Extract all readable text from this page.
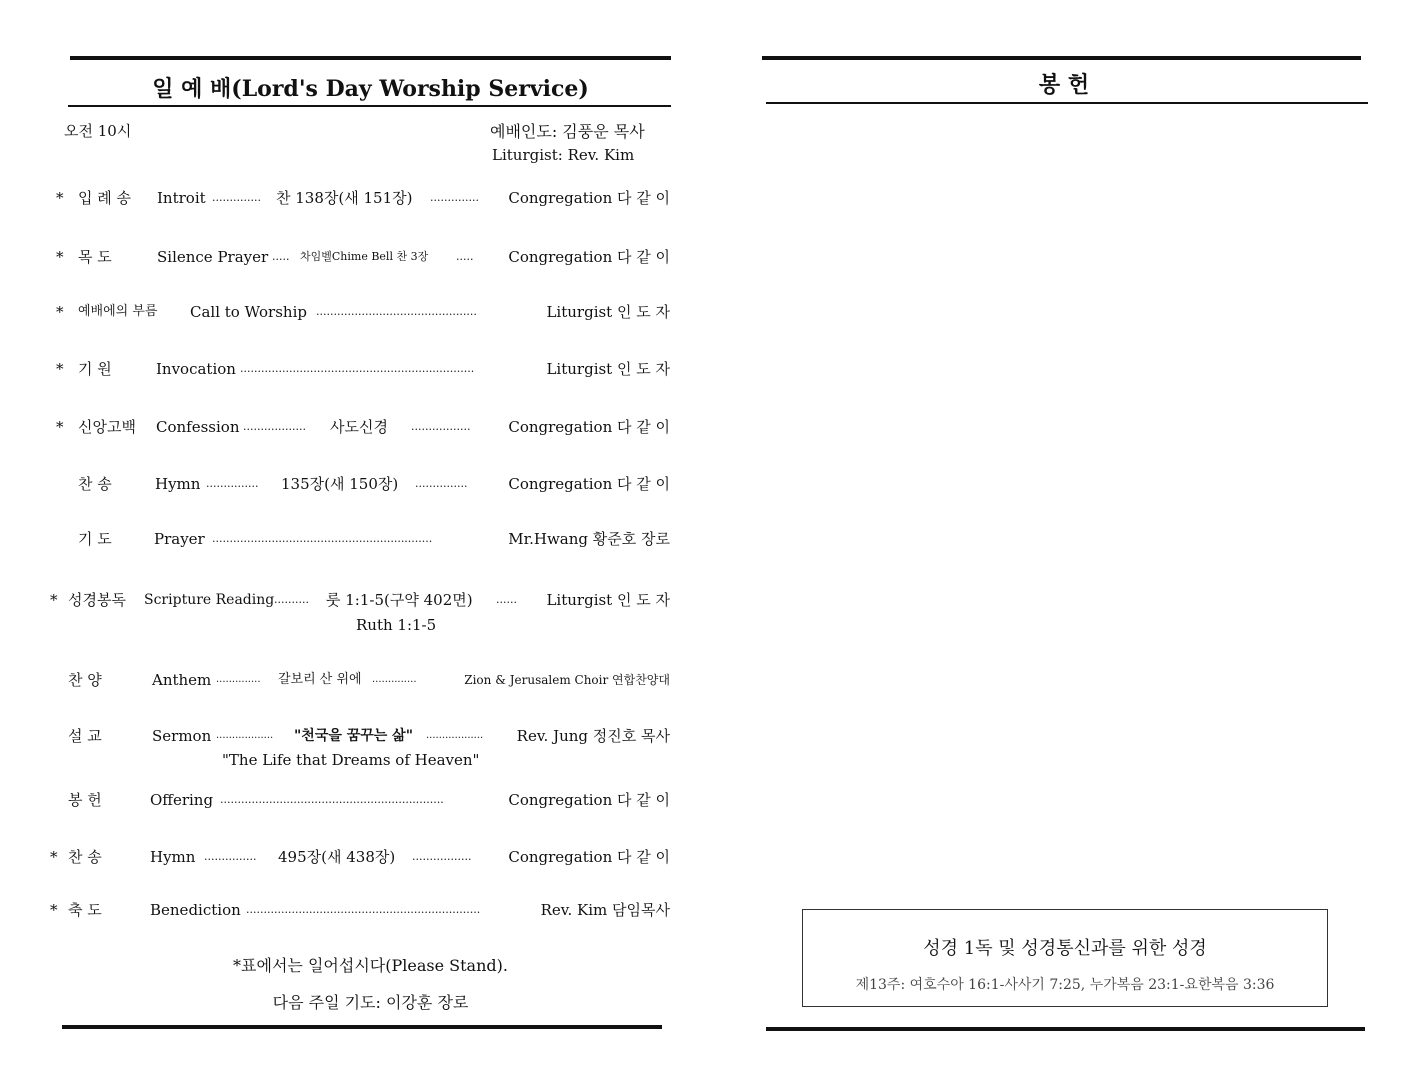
일 예 배(Lord's Day Worship Service)
오전 10시	예배인도: 김풍운 목사
Liturgist: Rev. Kim
* 입 례 송 Introit .............. 찬 138장(새 151장) .............. Congregation 다 같 이
* 목 도	Silence Prayer ..... 차임벨Chime Bell 찬 3장	..... Congregation 다 같 이
* 예배에의 부름 Call to Worship ..............................................	Liturgist 인 도 자
* 기 원	Invocation ...................................................................	Liturgist 인 도 자
* 신앙고백 Confession .................. 사도신경 .................	Congregation 다 같 이
찬 송	Hymn ............... 135장(새 150장) ...............	Congregation 다 같 이
기 도	Prayer ...............................................................	Mr.Hwang 황준호 장로
* 성경봉독 Scripture Reading .......... 룻 1:1-5(구약 402면) ...... Liturgist 인 도 자
Ruth 1:1-5
찬 양	Anthem .............. 갈보리 산 위에 ..............	Zion & Jerusalem Choir 연합찬양대
설 교	Sermon .................. "천국을 꿈꾸는 삶" .................. Rev. Jung 정진호 목사
"The Life that Dreams of Heaven"
봉 헌	Offering ................................................................	Congregation 다 같 이
* 찬 송	Hymn ............... 495장(새 438장) ................. Congregation 다 같 이
* 축 도	Benediction ...................................................................	Rev. Kim 담임목사
*표에서는 일어섭시다(Please Stand).
다음 주일 기도: 이강훈 장로
봉 헌
성경 1독 및 성경통신과를 위한 성경
제13주: 여호수아 16:1-사사기 7:25, 누가복음 23:1-요한복음 3:36
